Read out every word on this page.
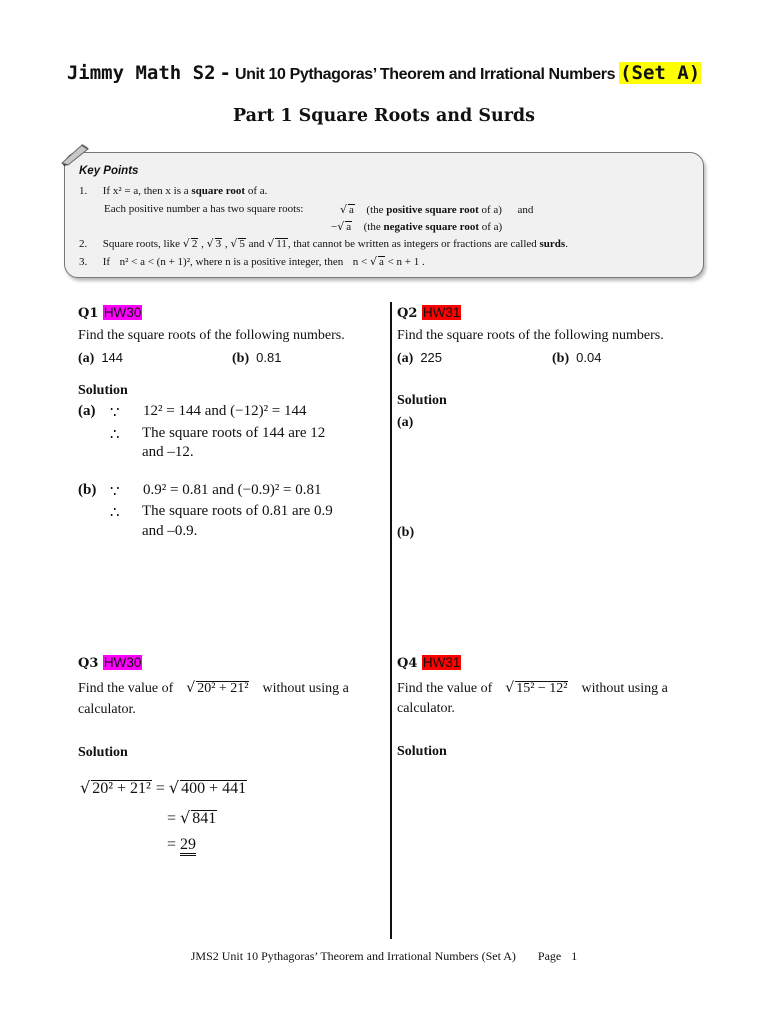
Jimmy Math S2 - Unit 10 Pythagoras’ Theorem and Irrational Numbers (Set A)
Part 1 Square Roots and Surds
Key Points
1. If x² = a, then x is a square root of a.
Each positive number a has two square roots:	√ a (the positive square root of a) and
−√ a (the negative square root of a)
2. Square roots, like √ 2 , √ 3 , √ 5 and √ 11, that cannot be written as integers or fractions are called surds.
3. If n² < a < (n + 1)², where n is a positive integer, then n < √ a < n + 1 .
Q1 HW30
Find the square roots of the following numbers.
(a) 144	(b) 0.81
Solution
(a) ∵ 12² = 144 and (−12)² = 144
∴ The square roots of 144 are 12
and –12.
(b) ∵ 0.9² = 0.81 and (−0.9)² = 0.81
∴ The square roots of 0.81 are 0.9
and –0.9.
Q2 HW31
Find the square roots of the following numbers.
(a) 225	(b) 0.04
Solution
(a)
(b)
Q3 HW30
Find the value of √ 20² + 21² without using a
calculator.
Solution
√ 20² + 21² = √ 400 + 441
= √ 841
= 29
Q4 HW31
Find the value of √ 15² − 12² without using a
calculator.
Solution
JMS2 Unit 10 Pythagoras’ Theorem and Irrational Numbers (Set A) Page 1
